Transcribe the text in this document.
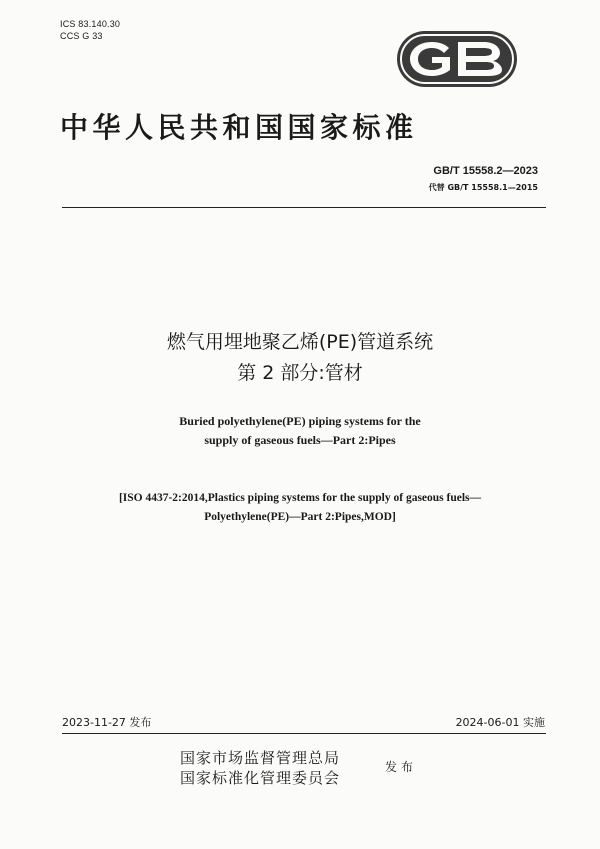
ICS 83.140.30
CCS G 33
中华人民共和国国家标准
GB/T 15558.2—2023
代替 GB/T 15558.1—2015
燃气用埋地聚乙烯(PE)管道系统
第 2 部分:管材
Buried polyethylene(PE) piping systems for the
supply of gaseous fuels—Part 2:Pipes
[ISO 4437-2:2014,Plastics piping systems for the supply of gaseous fuels—
Polyethylene(PE)—Part 2:Pipes,MOD]
2023-11-27 发布	2024-06-01 实施
国家市场监督管理总局
国家标准化管理委员会
发布
